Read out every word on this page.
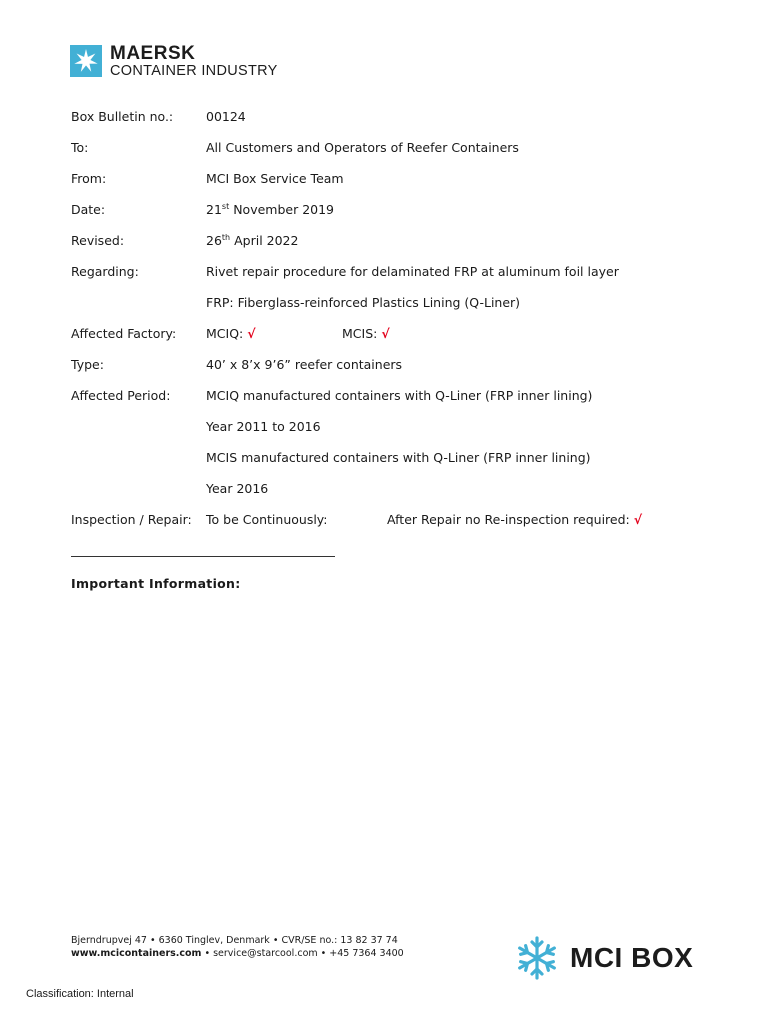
MAERSK
CONTAINER INDUSTRY
Box Bulletin no.:	00124
To:	All Customers and Operators of Reefer Containers
From:	MCI Box Service Team
Date:	21st November 2019
Revised:	26th April 2022
Regarding:	Rivet repair procedure for delaminated FRP at aluminum foil layer
FRP: Fiberglass-reinforced Plastics Lining (Q-Liner)
Affected Factory: MCIQ: √	MCIS: √
Type:	40’ x 8’x 9’6” reefer containers
Affected Period:	MCIQ manufactured containers with Q-Liner (FRP inner lining)
Year 2011 to 2016
MCIS manufactured containers with Q-Liner (FRP inner lining)
Year 2016
Inspection / Repair: To be Continuously:	After Repair no Re-inspection required: √
Important Information:
Bjerndrupvej 47 • 6360 Tinglev, Denmark • CVR/SE no.: 13 82 37 74
www.mcicontainers.com • service@starcool.com • +45 7364 3400	MCI BOX
Classification: Internal
